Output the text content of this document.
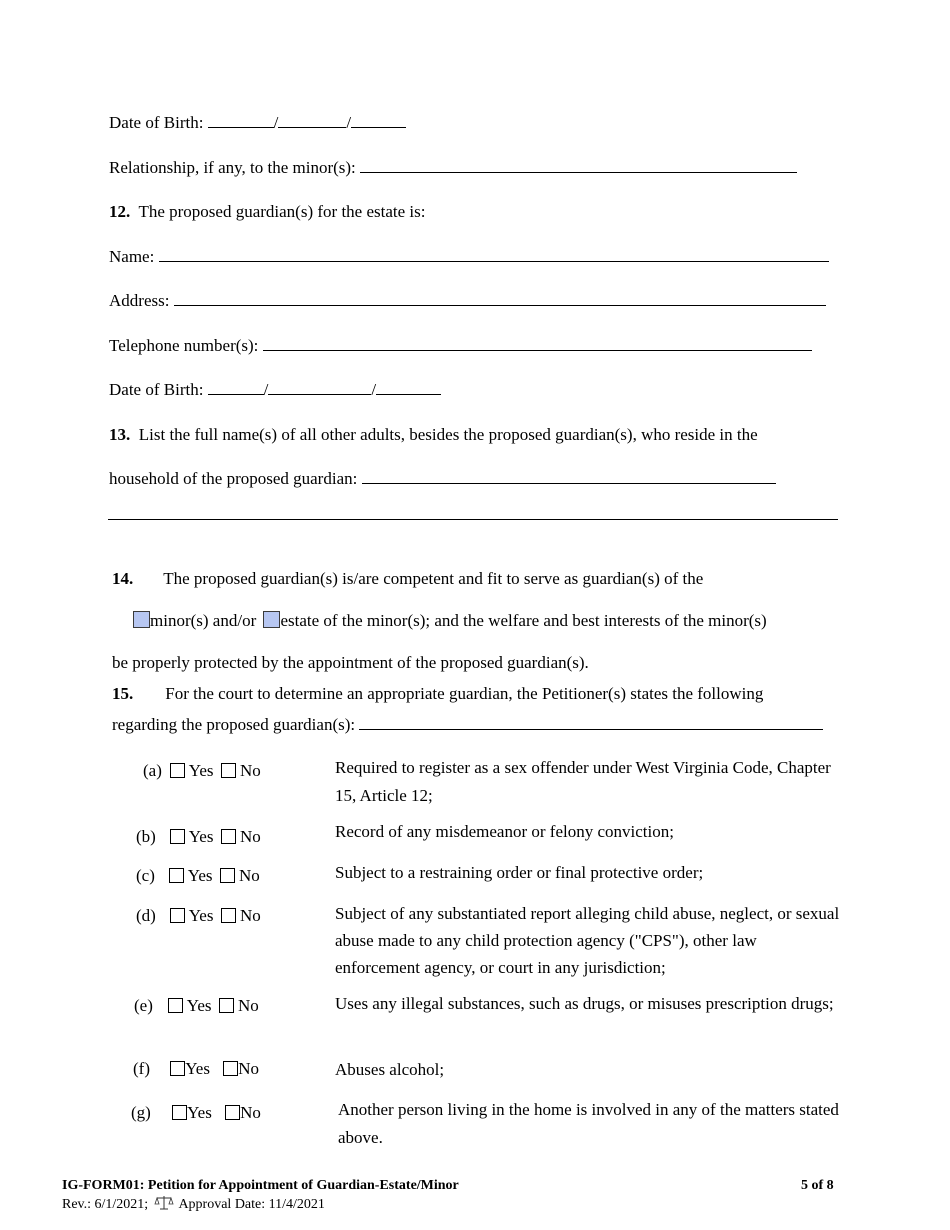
Date of Birth:	/	/
Relationship, if any, to the minor(s):
12. The proposed guardian(s) for the estate is:
Name:
Address:
Telephone number(s):
Date of Birth:	/	/
13. List the full name(s) of all other adults, besides the proposed guardian(s), who reside in the
household of the proposed guardian:
14. The proposed guardian(s) is/are competent and fit to serve as guardian(s) of the
minor(s) and/or estate of the minor(s); and the welfare and best interests of the minor(s)
be properly protected by the appointment of the proposed guardian(s).
15. For the court to determine an appropriate guardian, the Petitioner(s) states the following
regarding the proposed guardian(s):
(a) Yes No	Required to register as a sex offender under West Virginia Code, Chapter 15, Article 12;
(b) Yes No	Record of any misdemeanor or felony conviction;
(c) Yes No	Subject to a restraining order or final protective order;
(d) Yes No	Subject of any substantiated report alleging child abuse, neglect, or sexual abuse made to any child protection agency ("CPS"), other law enforcement agency, or court in any jurisdiction;
(e) Yes No	Uses any illegal substances, such as drugs, or misuses prescription drugs;
(f) Yes No	Abuses alcohol;
(g) Yes No	Another person living in the home is involved in any of the matters stated above.
IG-FORM01: Petition for Appointment of Guardian-Estate/Minor	5 of 8
Rev.: 6/1/2021; Approval Date: 11/4/2021
